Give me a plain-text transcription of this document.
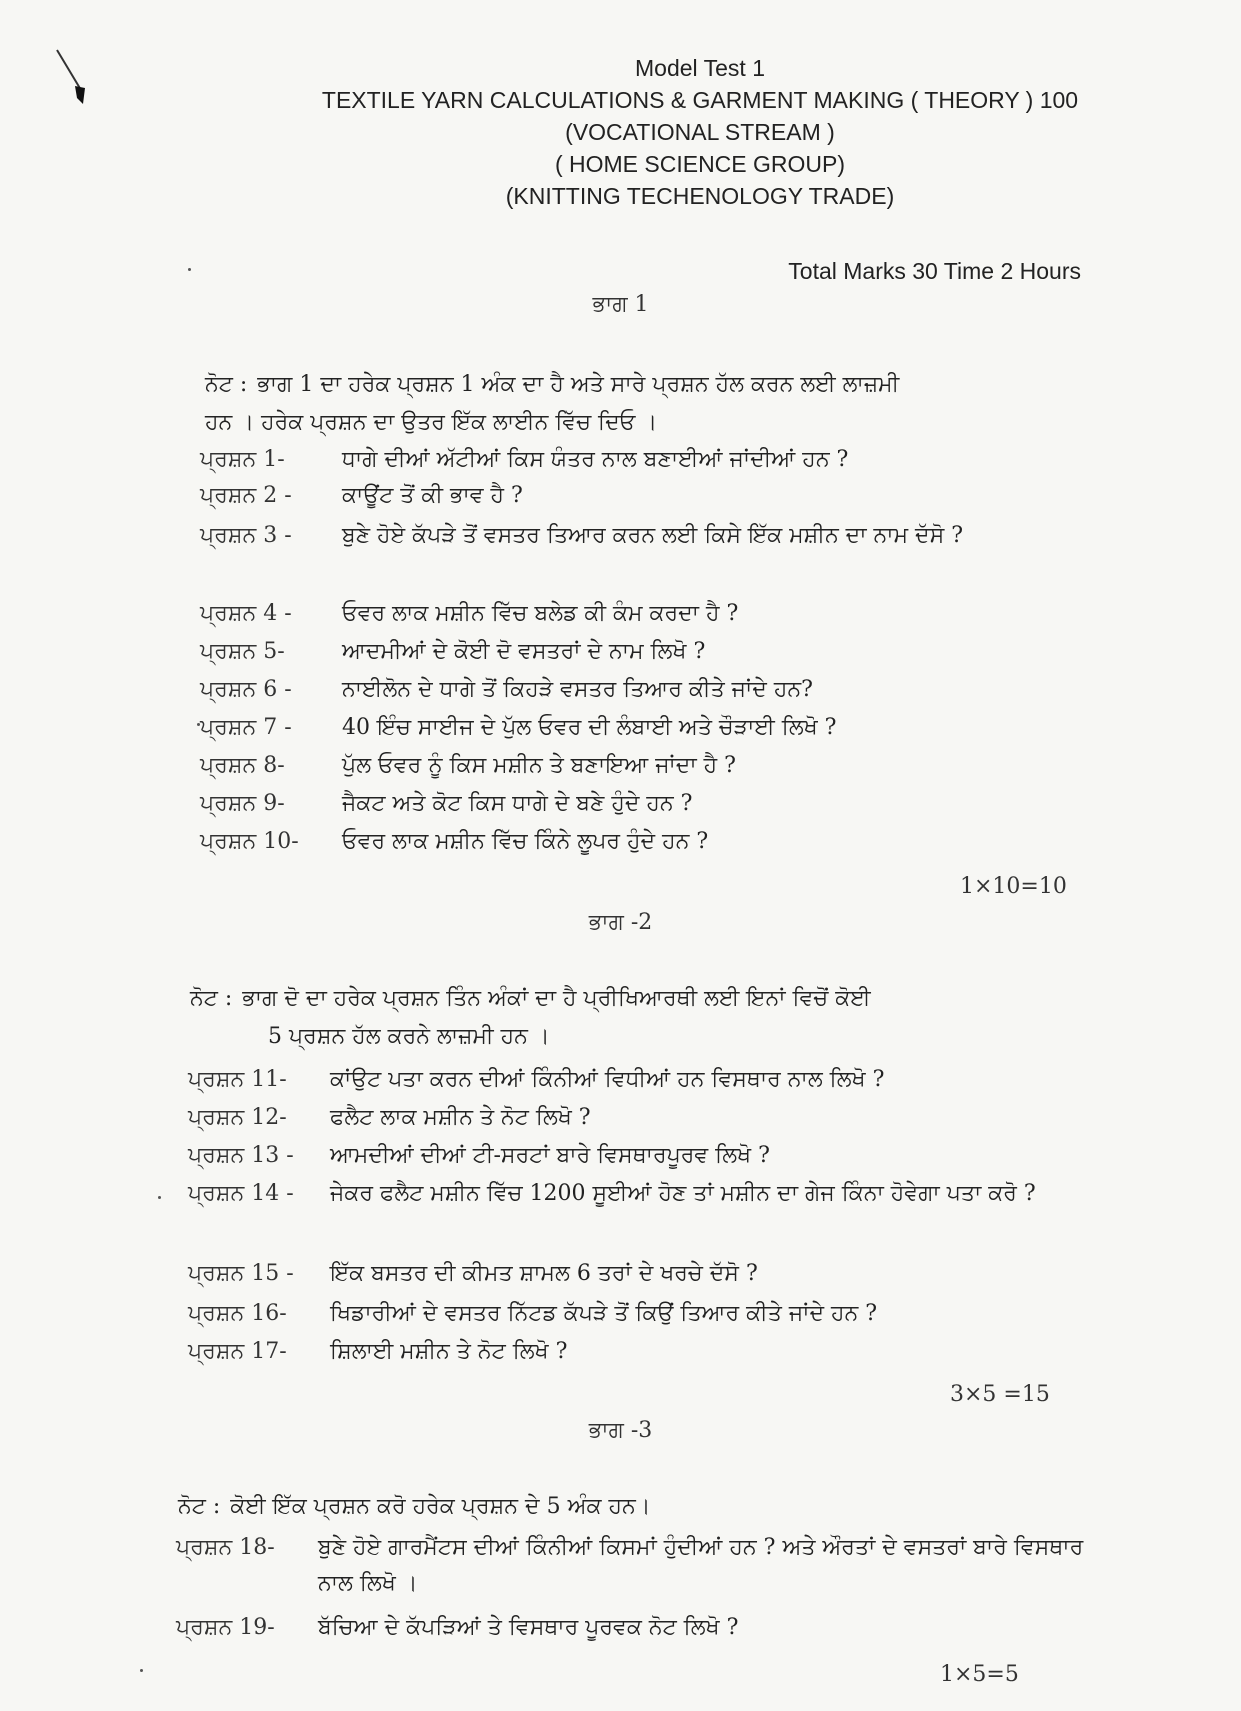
Model Test 1
TEXTILE YARN CALCULATIONS & GARMENT MAKING ( THEORY ) 100
(VOCATIONAL STREAM )
( HOME SCIENCE GROUP)
(KNITTING TECHENOLOGY TRADE)
Total Marks 30 Time 2 Hours
ਭਾਗ 1
ਨੋਟ : ਭਾਗ 1 ਦਾ ਹਰੇਕ ਪ੍ਰਸ਼ਨ 1 ਅੰਕ ਦਾ ਹੈ ਅਤੇ ਸਾਰੇ ਪ੍ਰਸ਼ਨ ਹੱਲ ਕਰਨ ਲਈ ਲਾਜ਼ਮੀ
ਹਨ । ਹਰੇਕ ਪ੍ਰਸ਼ਨ ਦਾ ਉਤਰ ਇੱਕ ਲਾਈਨ ਵਿੱਚ ਦਿਓ ।
ਪ੍ਰਸ਼ਨ 1-	ਧਾਗੇ ਦੀਆਂ ਅੱਟੀਆਂ ਕਿਸ ਯੰਤਰ ਨਾਲ ਬਣਾਈਆਂ ਜਾਂਦੀਆਂ ਹਨ ?
ਪ੍ਰਸ਼ਨ 2 -	ਕਾਊਂਟ ਤੋਂ ਕੀ ਭਾਵ ਹੈ ?
ਪ੍ਰਸ਼ਨ 3 -	ਬੁਣੇ ਹੋਏ ਕੱਪੜੇ ਤੋਂ ਵਸਤਰ ਤਿਆਰ ਕਰਨ ਲਈ ਕਿਸੇ ਇੱਕ ਮਸ਼ੀਨ ਦਾ ਨਾਮ ਦੱਸੋ ?
ਪ੍ਰਸ਼ਨ 4 -	ਓਵਰ ਲਾਕ ਮਸ਼ੀਨ ਵਿੱਚ ਬਲੇਡ ਕੀ ਕੰਮ ਕਰਦਾ ਹੈ ?
ਪ੍ਰਸ਼ਨ 5-	ਆਦਮੀਆਂ ਦੇ ਕੋਈ ਦੋ ਵਸਤਰਾਂ ਦੇ ਨਾਮ ਲਿਖੋ ?
ਪ੍ਰਸ਼ਨ 6 -	ਨਾਈਲੋਨ ਦੇ ਧਾਗੇ ਤੋਂ ਕਿਹੜੇ ਵਸਤਰ ਤਿਆਰ ਕੀਤੇ ਜਾਂਦੇ ਹਨ?
ਪ੍ਰਸ਼ਨ 7 -	40 ਇੰਚ ਸਾਈਜ ਦੇ ਪੁੱਲ ਓਵਰ ਦੀ ਲੰਬਾਈ ਅਤੇ ਚੌੜਾਈ ਲਿਖੋ ?
ਪ੍ਰਸ਼ਨ 8-	ਪੁੱਲ ਓਵਰ ਨੂੰ ਕਿਸ ਮਸ਼ੀਨ ਤੇ ਬਣਾਇਆ ਜਾਂਦਾ ਹੈ ?
ਪ੍ਰਸ਼ਨ 9-	ਜੈਕਟ ਅਤੇ ਕੋਟ ਕਿਸ ਧਾਗੇ ਦੇ ਬਣੇ ਹੁੰਦੇ ਹਨ ?
ਪ੍ਰਸ਼ਨ 10-	ਓਵਰ ਲਾਕ ਮਸ਼ੀਨ ਵਿੱਚ ਕਿੰਨੇ ਲੂਪਰ ਹੁੰਦੇ ਹਨ ?
1×10=10
ਭਾਗ -2
ਨੋਟ : ਭਾਗ ਦੋ ਦਾ ਹਰੇਕ ਪ੍ਰਸ਼ਨ ਤਿੰਨ ਅੰਕਾਂ ਦਾ ਹੈ ਪ੍ਰੀਖਿਆਰਥੀ ਲਈ ਇਨਾਂ ਵਿਚੋਂ ਕੋਈ
5 ਪ੍ਰਸ਼ਨ ਹੱਲ ਕਰਨੇ ਲਾਜ਼ਮੀ ਹਨ ।
ਪ੍ਰਸ਼ਨ 11-	ਕਾਂਉਟ ਪਤਾ ਕਰਨ ਦੀਆਂ ਕਿੰਨੀਆਂ ਵਿਧੀਆਂ ਹਨ ਵਿਸਥਾਰ ਨਾਲ ਲਿਖੋ ?
ਪ੍ਰਸ਼ਨ 12-	ਫਲੈਟ ਲਾਕ ਮਸ਼ੀਨ ਤੇ ਨੋਟ ਲਿਖੋ ?
ਪ੍ਰਸ਼ਨ 13 -	ਆਮਦੀਆਂ ਦੀਆਂ ਟੀ-ਸਰਟਾਂ ਬਾਰੇ ਵਿਸਥਾਰਪੂਰਵ ਲਿਖੋ ?
ਪ੍ਰਸ਼ਨ 14 -	ਜੇਕਰ ਫਲੈਟ ਮਸ਼ੀਨ ਵਿੱਚ 1200 ਸੂਈਆਂ ਹੋਣ ਤਾਂ ਮਸ਼ੀਨ ਦਾ ਗੇਜ ਕਿੰਨਾ ਹੋਵੇਗਾ ਪਤਾ ਕਰੋ ?
ਪ੍ਰਸ਼ਨ 15 -	ਇੱਕ ਬਸਤਰ ਦੀ ਕੀਮਤ ਸ਼ਾਮਲ 6 ਤਰਾਂ ਦੇ ਖਰਚੇ ਦੱਸੋ ?
ਪ੍ਰਸ਼ਨ 16-	ਖਿਡਾਰੀਆਂ ਦੇ ਵਸਤਰ ਨਿੱਟਡ ਕੱਪੜੇ ਤੋਂ ਕਿਉਂ ਤਿਆਰ ਕੀਤੇ ਜਾਂਦੇ ਹਨ ?
ਪ੍ਰਸ਼ਨ 17-	ਸ਼ਿਲਾਈ ਮਸ਼ੀਨ ਤੇ ਨੋਟ ਲਿਖੋ ?
3×5 =15
ਭਾਗ -3
ਨੋਟ : ਕੋਈ ਇੱਕ ਪ੍ਰਸ਼ਨ ਕਰੋ ਹਰੇਕ ਪ੍ਰਸ਼ਨ ਦੇ 5 ਅੰਕ ਹਨ।
ਪ੍ਰਸ਼ਨ 18-	ਬੁਣੇ ਹੋਏ ਗਾਰਮੈਂਟਸ ਦੀਆਂ ਕਿੰਨੀਆਂ ਕਿਸਮਾਂ ਹੁੰਦੀਆਂ ਹਨ ? ਅਤੇ ਔਰਤਾਂ ਦੇ ਵਸਤਰਾਂ ਬਾਰੇ ਵਿਸਥਾਰ ਨਾਲ ਲਿਖੋ ।
ਪ੍ਰਸ਼ਨ 19-	ਬੱਚਿਆ ਦੇ ਕੱਪੜਿਆਂ ਤੇ ਵਿਸਥਾਰ ਪੂਰਵਕ ਨੋਟ ਲਿਖੋ ?
1×5=5
